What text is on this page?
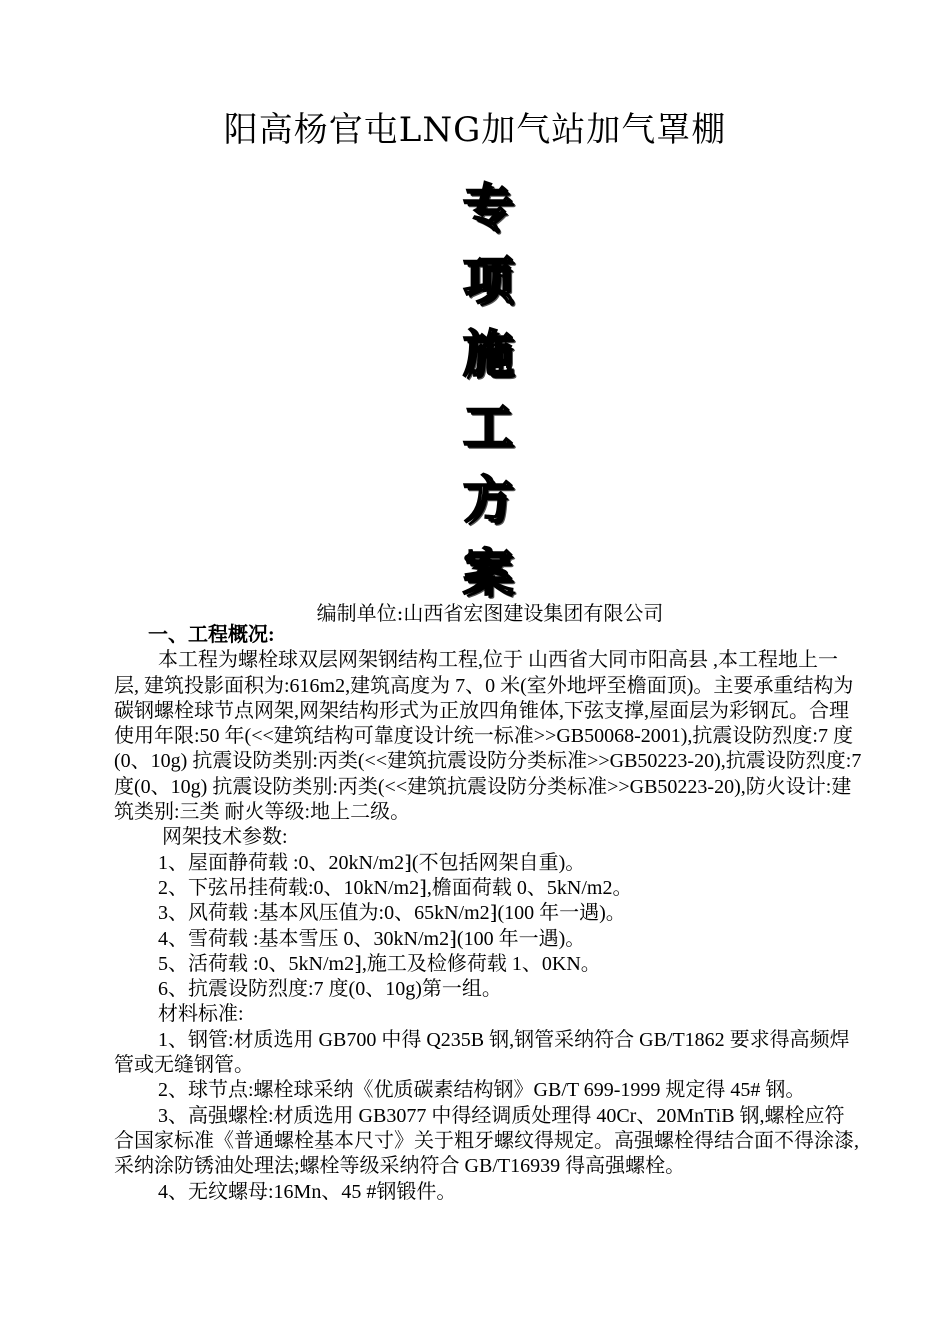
阳高杨官屯LNG加气站加气罩棚
专
项
施
工
方
案
编制单位:山西省宏图建设集团有限公司

一、工程概况:

本工程为螺栓球双层网架钢结构工程,位于 山西省大同市阳高县 ,本工程地上一层, 建筑投影面积为:616m2,建筑高度为 7、0 米(室外地坪至檐面顶)。主要承重结构为碳钢螺栓球节点网架,网架结构形式为正放四角锥体,下弦支撑,屋面层为彩钢瓦。合理使用年限:50 年(<<建筑结构可靠度设计统一标准>>GB50068-2001),抗震设防烈度:7 度(0、10g) 抗震设防类别:丙类(<<建筑抗震设防分类标准>>GB50223-20),抗震设防烈度:7 度(0、10g) 抗震设防类别:丙类(<<建筑抗震设防分类标准>>GB50223-20),防火设计:建筑类别:三类 耐火等级:地上二级。

网架技术参数:

1、屋面静荷载 :0、20kN/m2⁆(不包括网架自重)。

2、下弦吊挂荷载:0、10kN/m2⁆,檐面荷载 0、5kN/m2。

3、风荷载 :基本风压值为:0、65kN/m2⁆(100 年一遇)。

4、雪荷载 :基本雪压 0、30kN/m2⁆(100 年一遇)。

5、活荷载 :0、5kN/m2⁆,施工及检修荷载 1、0KN。

6、抗震设防烈度:7 度(0、10g)第一组。

材料标准:

1、钢管:材质选用 GB700 中得 Q235B 钢,钢管采纳符合 GB/T1862 要求得高频焊管或无缝钢管。

2、球节点:螺栓球采纳《优质碳素结构钢》GB/T 699-1999 规定得 45# 钢。

3、高强螺栓:材质选用 GB3077 中得经调质处理得 40Cr、20MnTiB 钢,螺栓应符合国家标准《普通螺栓基本尺寸》关于粗牙螺纹得规定。高强螺栓得结合面不得涂漆,采纳涂防锈油处理法;螺栓等级采纳符合 GB/T16939 得高强螺栓。

4、无纹螺母:16Mn、45 #钢锻件。
